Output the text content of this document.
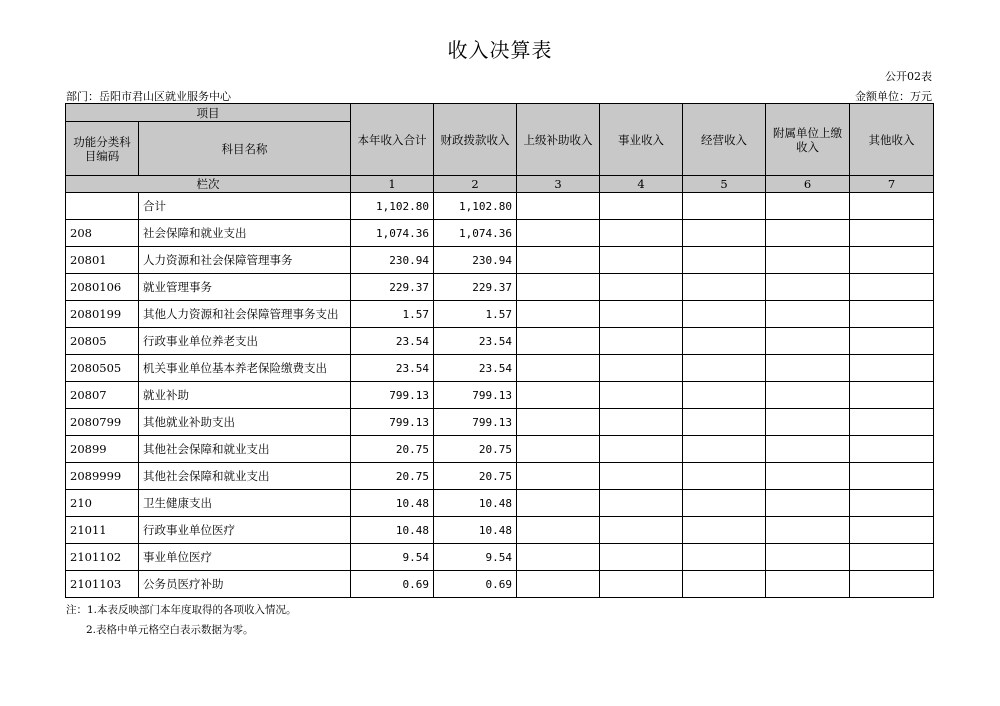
收入决算表
公开02表
部门：岳阳市君山区就业服务中心	金额单位：万元
项目		本年收入合计	财政拨款收入	上级补助收入	事业收入	经营收入	附属单位上缴收入	其他收入
功能分类科目编码	科目名称							
栏次		1	2	3	4	5	6	7
	合计	1,102.80	1,102.80					
208	社会保障和就业支出	1,074.36	1,074.36					
20801	人力资源和社会保障管理事务	230.94	230.94					
2080106	就业管理事务	229.37	229.37					
2080199	其他人力资源和社会保障管理事务支出	1.57	1.57					
20805	行政事业单位养老支出	23.54	23.54					
2080505	机关事业单位基本养老保险缴费支出	23.54	23.54					
20807	就业补助	799.13	799.13					
2080799	其他就业补助支出	799.13	799.13					
20899	其他社会保障和就业支出	20.75	20.75					
2089999	其他社会保障和就业支出	20.75	20.75					
210	卫生健康支出	10.48	10.48					
21011	行政事业单位医疗	10.48	10.48					
2101102	事业单位医疗	9.54	9.54					
2101103	公务员医疗补助	0.69	0.69					
注：1.本表反映部门本年度取得的各项收入情况。
2.表格中单元格空白表示数据为零。
